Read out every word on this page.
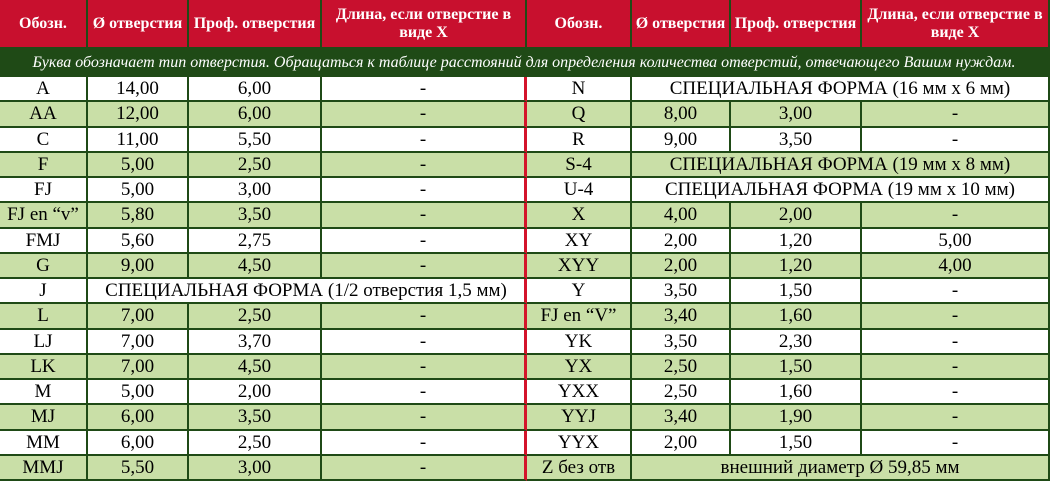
Обозн.	Ø отверстия	Проф. отверстия	Длина, если отверстие в виде X	Обозн.	Ø отверстия	Проф. отверстия	Длина, если отверстие в виде X
Буква обозначает тип отверстия. Обращаться к таблице расстояний для определения количества отверстий, отвечающего Вашим нуждам.							
A	14,00	6,00	-	N	СПЕЦИАЛЬНАЯ ФОРМА (16 мм x 6 мм)		
AA	12,00	6,00	-	Q	8,00	3,00	-
C	11,00	5,50	-	R	9,00	3,50	-
F	5,00	2,50	-	S-4	СПЕЦИАЛЬНАЯ ФОРМА (19 мм x 8 мм)		
FJ	5,00	3,00	-	U-4	СПЕЦИАЛЬНАЯ ФОРМА (19 мм x 10 мм)		
FJ en “v”	5,80	3,50	-	X	4,00	2,00	-
FMJ	5,60	2,75	-	XY	2,00	1,20	5,00
G	9,00	4,50	-	XYY	2,00	1,20	4,00
J	СПЕЦИАЛЬНАЯ ФОРМА (1/2 отверстия 1,5 мм)			Y	3,50	1,50	-
L	7,00	2,50	-	FJ en “V”	3,40	1,60	-
LJ	7,00	3,70	-	YK	3,50	2,30	-
LK	7,00	4,50	-	YX	2,50	1,50	-
M	5,00	2,00	-	YXX	2,50	1,60	-
MJ	6,00	3,50	-	YYJ	3,40	1,90	-
MM	6,00	2,50	-	YYX	2,00	1,50	-
MMJ	5,50	3,00	-	Z без отв	внешний диаметр Ø 59,85 мм		
